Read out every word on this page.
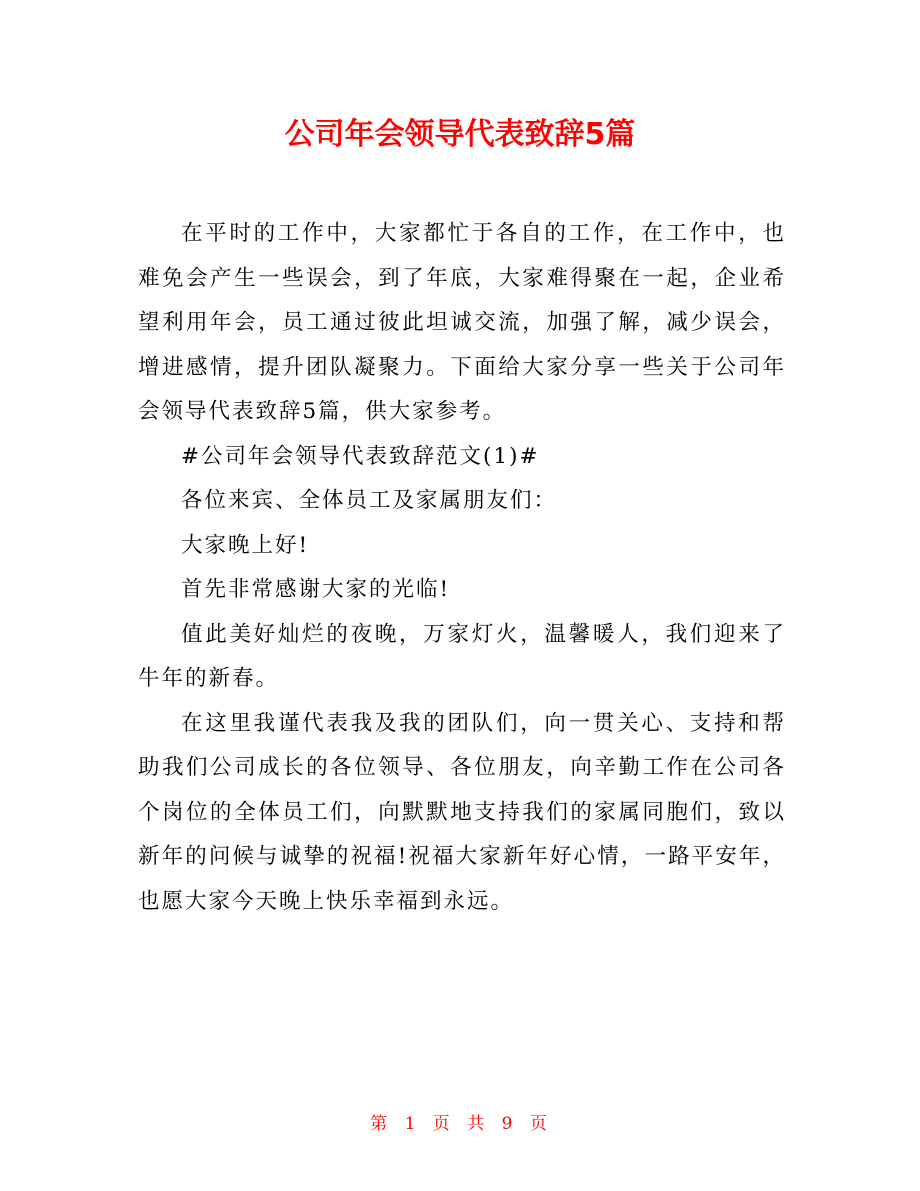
公司年会领导代表致辞5篇

在平时的工作中，大家都忙于各自的工作，在工作中，也难免会产生一些误会，到了年底，大家难得聚在一起，企业希望利用年会，员工通过彼此坦诚交流，加强了解，减少误会，增进感情，提升团队凝聚力。下面给大家分享一些关于公司年会领导代表致辞5篇，供大家参考。

#公司年会领导代表致辞范文(1)#

各位来宾、全体员工及家属朋友们：

大家晚上好!

首先非常感谢大家的光临!

值此美好灿烂的夜晚，万家灯火，温馨暖人，我们迎来了牛年的新春。

在这里我谨代表我及我的团队们，向一贯关心、支持和帮助我们公司成长的各位领导、各位朋友，向辛勤工作在公司各个岗位的全体员工们，向默默地支持我们的家属同胞们，致以新年的问候与诚挚的祝福!祝福大家新年好心情，一路平安年，也愿大家今天晚上快乐幸福到永远。

第 1 页 共 9 页
